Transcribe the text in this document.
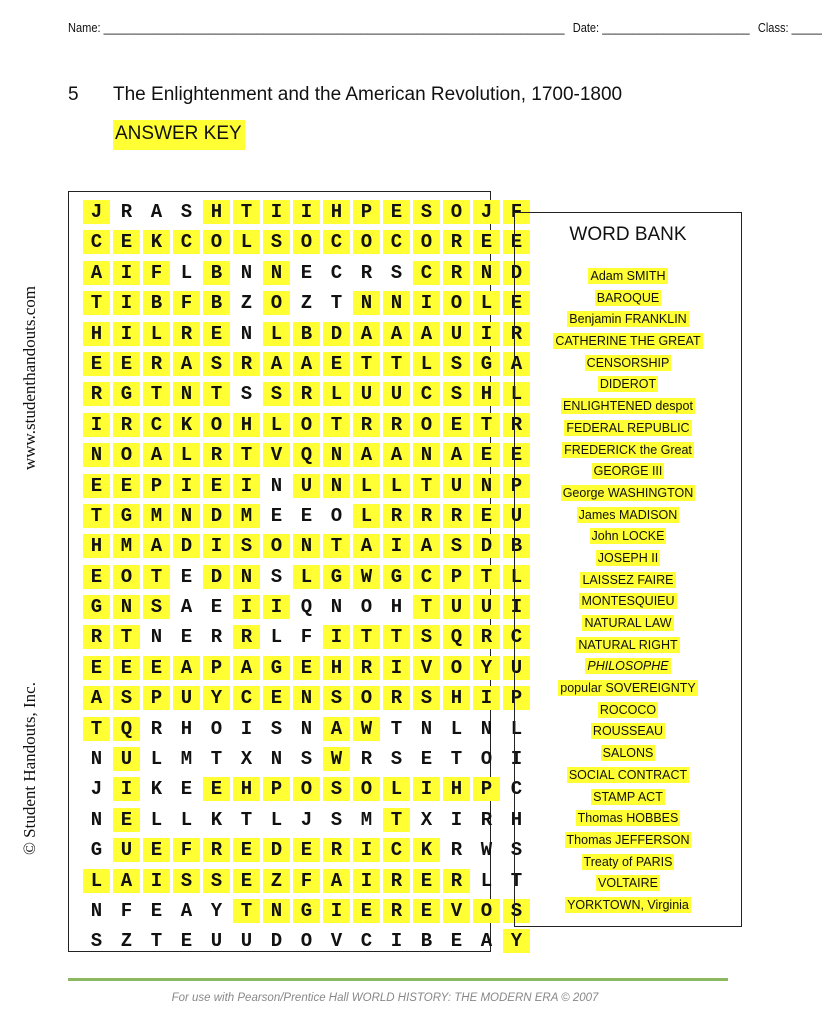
Name: ___________________________________________________________________________ Date: ________________________ Class: _____
www.studenthandouts.com
© Student Handouts, Inc.
5 The Enlightenment and the American Revolution, 1700-1800
ANSWER KEY
J R A S H T I I H P E S O J F
C E K C O L S O C O C O R E E
A I F L B N N E C R S C R N D
T I B F B Z O Z T N N I O L E
H I L R E N L B D A A A U I R
E E R A S R A A E T T L S G A
R G T N T S S R L U U C S H L
I R C K O H L O T R R O E T R
N O A L R T V Q N A A N A E E
E E P I E I N U N L L T U N P
T G M N D M E E O L R R R E U
H M A D I S O N T A I A S D B
E O T E D N S L G W G C P T L
G N S A E I I Q N O H T U U I
R T N E R R L F I T T S Q R C
E E E A P A G E H R I V O Y U
A S P U Y C E N S O R S H I P
T Q R H O I S N A W T N L N L
N U L M T X N S W R S E T O I
J I K E E H P O S O L I H P C
N E L L K T L J S M T X I R H
G U E F R E D E R I C K R W S
L A I S S E Z F A I R E R L T
N F E A Y T N G I E R E V O S
S Z T E U U D O V C I B E A Y
WORD BANK
Adam SMITH
BAROQUE
Benjamin FRANKLIN
CATHERINE THE GREAT
CENSORSHIP
DIDEROT
ENLIGHTENED despot
FEDERAL REPUBLIC
FREDERICK the Great
GEORGE III
George WASHINGTON
James MADISON
John LOCKE
JOSEPH II
LAISSEZ FAIRE
MONTESQUIEU
NATURAL LAW
NATURAL RIGHT
PHILOSOPHE
popular SOVEREIGNTY
ROCOCO
ROUSSEAU
SALONS
SOCIAL CONTRACT
STAMP ACT
Thomas HOBBES
Thomas JEFFERSON
Treaty of PARIS
VOLTAIRE
YORKTOWN, Virginia
For use with Pearson/Prentice Hall WORLD HISTORY: THE MODERN ERA © 2007
